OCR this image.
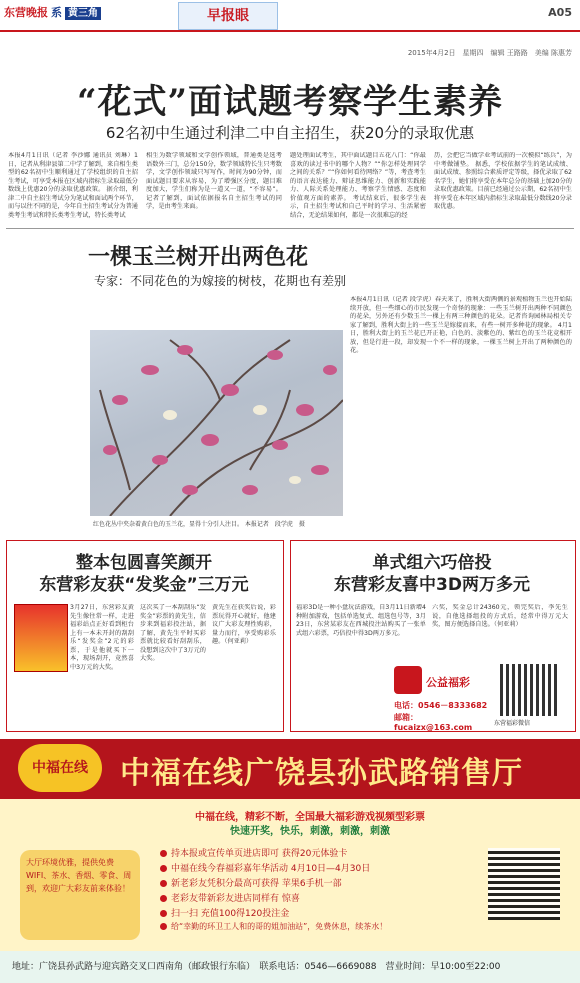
东营晚报 系 黄三角	早报眼	A05
2015年4月2日　星期四　编辑 王路路　美编 陈惠芳
“花式”面试题考察学生素养
62名初中生通过利津二中自主招生，获20分的录取优惠
本报4月1日讯（记者 李沙娜 通讯员 刘琳）1日，记者从利津县第二中学了解到，来自相生类型的62名初中生顺利通过了学校组织的自主招生考试，可享受本报在区域内指标生录取最低分数线上优惠20分的录取优惠政策。 据介绍，利津二中自主招生考试分为笔试和面试两个环节，而与以往不同的是，今年自主招生考试分为普通类考生考试和特长类考生考试，特长类考试
相生为数学领域和文学创作领域，普通类是选考语数外三门，总分150分，数学领域特长生只考数学，文学创作领域只写写作，时间为90分钟，而面试题目要求从容易，为了增强区分度，题目难度加大，学生们称为是一道又一道，“不容易”。 记者了解到，面试依据报名自主招生考试的同学，是由考生来面。
题处理面试考生，其中面试题目五花八门：“你最喜欢的读过书中的哪个人物？”“你怎样处理同学之间的关系？”“你如何看待网络？”等，考查考生的语言表达能力、辩证思维能力、创新和实践能力、人际关系处理能力、考察学生情感、态度和价值观方面的素养。 考试结束后，很多学生表示，自主招生考试和自己平时的学习、生活紧密结合，无论结果如何，都是一次很难忘的经
历，会把它当做学业考试前的一次模拟“练兵”，为中考做铺垫。 据悉，学校依据学生的笔试成绩、面试成绩、参照综合素质评定等级，择优录取了62名学生，她们将享受在本年总分的基础上加20分的录取优惠政策。目前已经通过公示期，62名初中生将享受在本年区域内指标生录取最低分数线20分录取优惠。
一棵玉兰树开出两色花
专家：不同花色的为嫁接的树枝，花期也有差别
红色花丛中夹杂着黄白色的玉兰花，显得十分引人注目。 本报记者　段学虎　摄
本报4月1日讯（记者 段学虎）春天来了，胜利大街两侧的景观植物玉兰也开始陆续开放，但一些细心的市民发现一个奇怪的现象：一些玉兰树开出两种不同颜色的花朵，另外还有少数玉兰一棵上有两三种颜色的花朵。记者咨询园林局相关专家了解到，胜利大街上的一些玉兰是嫁接而来，有些一树开多种花的现象。 4月1日，胜利大街上的玉兰花已开正艳，白色的、淡紫色的、紫红色的玉兰花竞相开放，但是行进一段，却发现一个不一样的现象，一棵玉兰树上开出了两种颜色的花。
整本包圆喜笑颜开
东营彩友获“发奖金”三万元
3月27日，东营彩友黄先生像往常一样，走进福彩站点正好看到柜台上有一本未开封的刮刮乐“发奖金”2元的彩票，于是他就买下一本，现场刮开，竟然喜中3万元的大奖。
这次买了一本刮刮乐“发奖金”彩票的黄先生，信步来到福彩投注站，据了解，黄先生平时买彩票就比较看好刮刮乐，没想到这次中了3万元的大奖。
黄先生在获奖后说，彩票玩得开心就好，他建议广大彩友理性购彩，量力而行，享受购彩乐趣。（何亚莉）
单式组六巧倍投
东营彩友喜中3D两万多元
福彩3D是一种小盘玩法游戏，自3月11日新增4种附加游戏，包括单选复式、组选包号等，3月23日，东营某彩友在西城投注站购买了一张单式组六彩票，巧倍投中得3D两万多元。
六奖，奖金总计24360元，领完奖后，李先生说，自他选择组投的方式后，经常中得万元大奖，图方便选择自选。（何亚莉）
公益福彩
电话：0546－8333682
邮箱：fucaizx@163.com	东营福彩微信
中福在线	中福在线广饶县孙武路销售厅
中福在线，精彩不断，全国最大福彩游戏视频型彩票
快速开奖，快乐，刺激，刺激，刺激
大厅环境优雅，提供免费WIFI、茶水、香烟、零食、周到，欢迎广大彩友前来体验！
持本报或宣传单页进店即可 获得20元体验卡
中福在线今春福彩嘉年华活动 4月10日—4月30日
新老彩友凭积分最高可获得 苹果6手机一部
老彩友带新彩友进店同样有 惊喜
扫一扫 充值100得120投注金
给“幸勤的环卫工人和的哥的姐加油站”，免费休息，续茶水！
地址：广饶县孙武路与迎宾路交叉口西南角（邮政银行东临）　联系电话：0546—6669088　营业时间：早10:00至22:00
